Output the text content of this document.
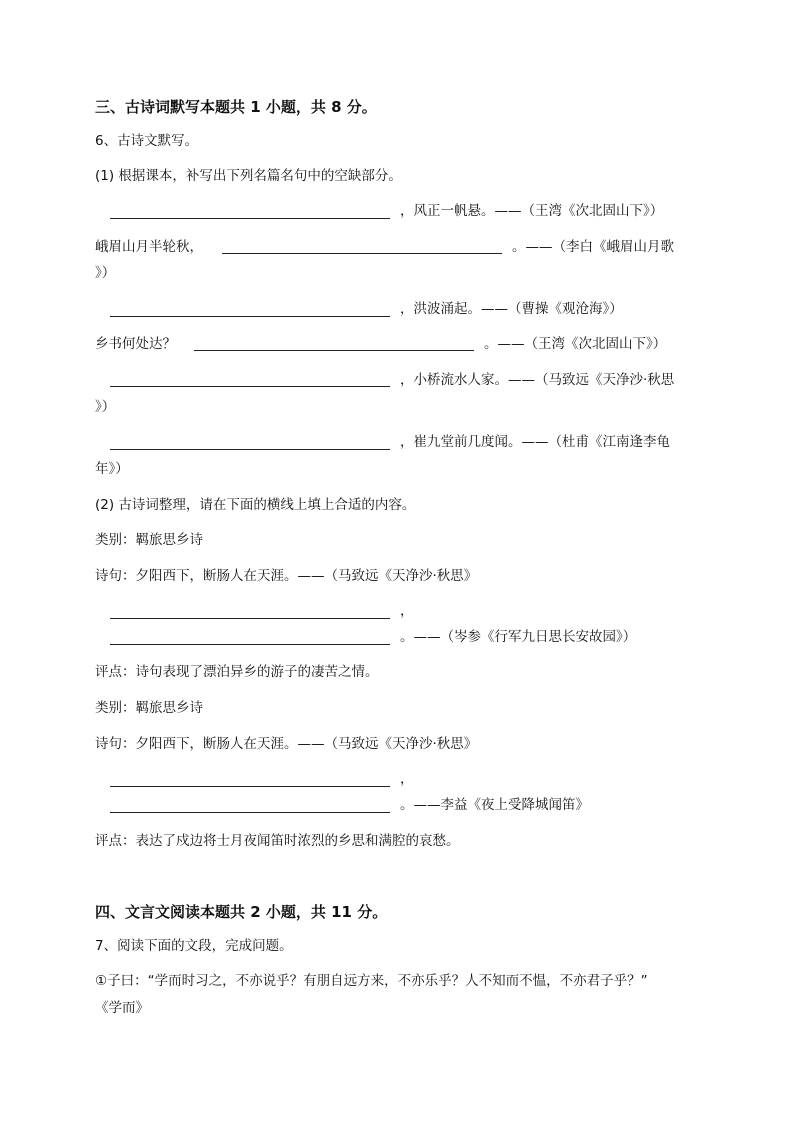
三、古诗词默写本题共 1 小题，共 8 分。
6、古诗文默写。
(1) 根据课本，补写出下列名篇名句中的空缺部分。
，风正一帆悬。——（王湾《次北固山下》）
峨眉山月半轮秋，	。——（李白《峨眉山月歌
》）
，洪波涌起。——（曹操《观沧海》）
乡书何处达？	。——（王湾《次北固山下》）
，小桥流水人家。——（马致远《天净沙·秋思
》）
，崔九堂前几度闻。——（杜甫《江南逢李龟
年》）
(2) 古诗词整理，请在下面的横线上填上合适的内容。
类别：羁旅思乡诗
诗句：夕阳西下，断肠人在天涯。——（马致远《天净沙·秋思》
，
。——（岑参《行军九日思长安故园》）
评点：诗句表现了漂泊异乡的游子的凄苦之情。
类别：羁旅思乡诗
诗句：夕阳西下，断肠人在天涯。——（马致远《天净沙·秋思》
，
。——李益《夜上受降城闻笛》
评点：表达了戍边将士月夜闻笛时浓烈的乡思和满腔的哀愁。
四、文言文阅读本题共 2 小题，共 11 分。
7、阅读下面的文段，完成问题。
①子曰：“学而时习之，不亦说乎？有朋自远方来，不亦乐乎？人不知而不愠，不亦君子乎？”
《学而》
